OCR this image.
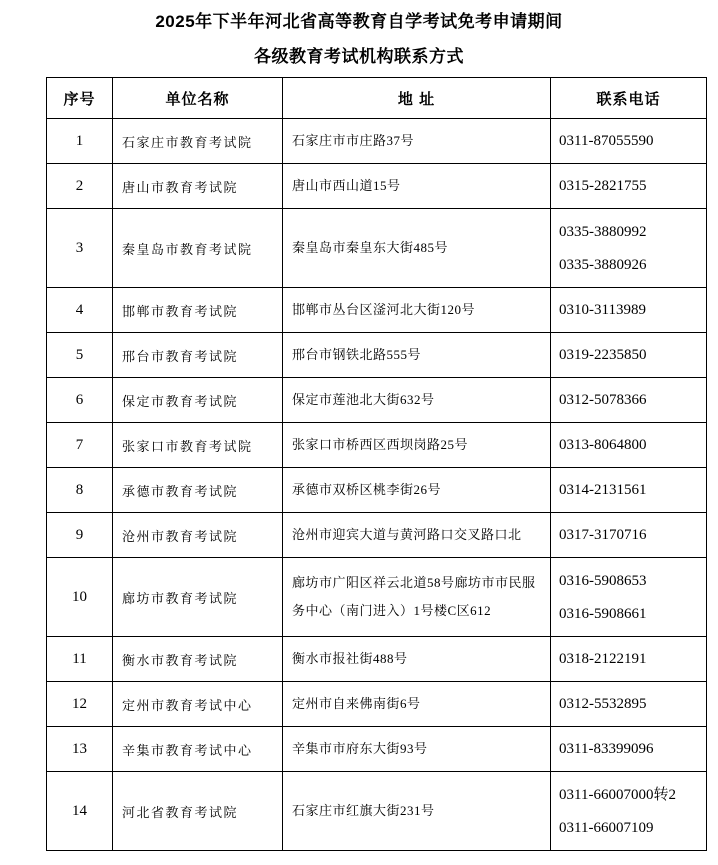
2025年下半年河北省高等教育自学考试免考申请期间
各级教育考试机构联系方式
序号	单位名称	地 址	联系电话
1	石家庄市教育考试院	石家庄市市庄路37号	0311-87055590

2	唐山市教育考试院	唐山市西山道15号	0315-2821755

3	秦皇岛市教育考试院	秦皇岛市秦皇东大街485号	0335-3880992
0335-3880926

4	邯郸市教育考试院	邯郸市丛台区滏河北大街120号	0310-3113989

5	邢台市教育考试院	邢台市钢铁北路555号	0319-2235850

6	保定市教育考试院	保定市莲池北大街632号	0312-5078366

7	张家口市教育考试院	张家口市桥西区西坝岗路25号	0313-8064800

8	承德市教育考试院	承德市双桥区桃李街26号	0314-2131561

9	沧州市教育考试院	沧州市迎宾大道与黄河路口交叉路口北	0317-3170716

10	廊坊市教育考试院	廊坊市广阳区祥云北道58号廊坊市市民服务中心（南门进入）1号楼C区612	0316-5908653
0316-5908661

11	衡水市教育考试院	衡水市报社街488号	0318-2122191

12	定州市教育考试中心	定州市自来佛南街6号	0312-5532895

13	辛集市教育考试中心	辛集市市府东大街93号	0311-83399096

14	河北省教育考试院	石家庄市红旗大街231号	0311-66007000转2
0311-66007109
